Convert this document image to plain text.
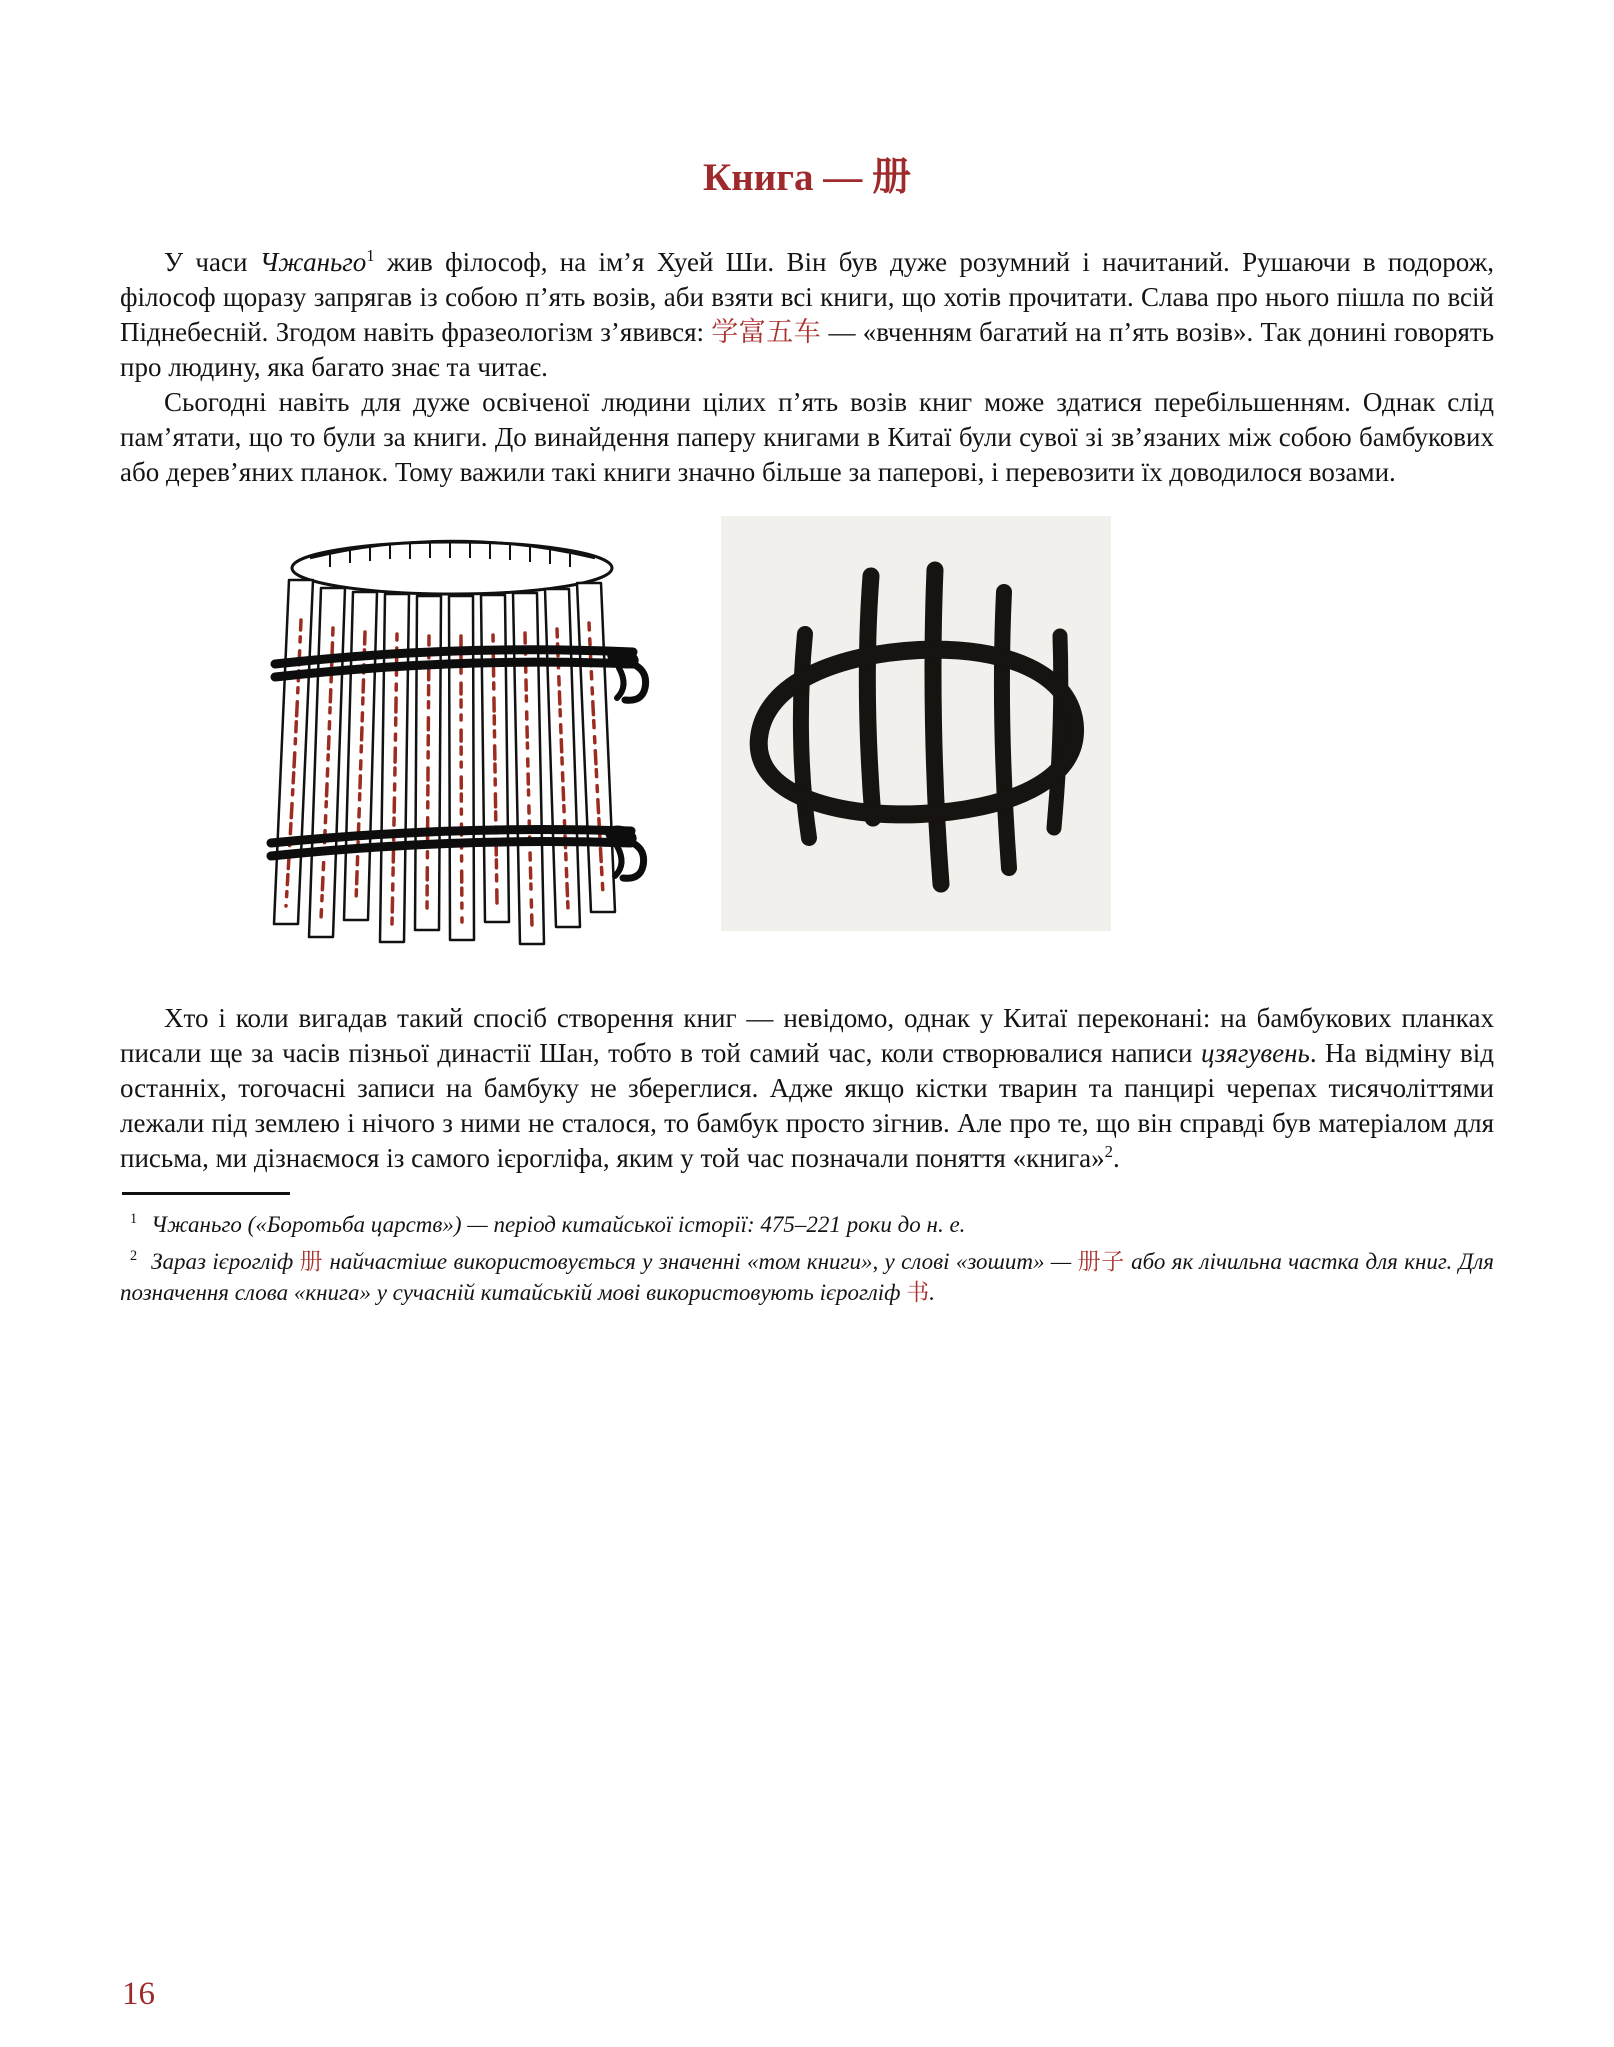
Книга — 册

У часи Чжаньго$^1$ жив філософ, на ім’я Хуей Ши. Він був дуже розумний і начитаний. Рушаючи в подорож, філософ щоразу запрягав із собою п’ять возів, аби взяти всі книги, що хотів прочитати. Слава про нього пішла по всій Піднебесній. Згодом навіть фразеологізм з’явився: 学富五车 — «вченням багатий на п’ять возів». Так донині говорять про людину, яка багато знає та читає.

Сьогодні навіть для дуже освіченої людини цілих п’ять возів книг може здатися перебільшенням. Однак слід пам’ятати, що то були за книги. До винайдення паперу книгами в Китаї були сувої зі зв’язаних між собою бамбукових або дерев’яних планок. Тому важили такі книги значно більше за паперові, і перевозити їх доводилося возами.

Хто і коли вигадав такий спосіб створення книг — невідомо, однак у Китаї переконані: на бамбукових планках писали ще за часів пізньої династії Шан, тобто в той самий час, коли створювалися написи цзягувень. На відміну від останніх, тогочасні записи на бамбуку не збереглися. Адже якщо кістки тварин та панцирі черепах тисячоліттями лежали під землею і нічого з ними не сталося, то бамбук просто зігнив. Але про те, що він справді був матеріалом для письма, ми дізнаємося із самого ієрогліфа, яким у той час позначали поняття «книга»$^2$.

$^1$ Чжаньго («Боротьба царств») — період китайської історії: 475–221 роки до н. е.

$^2$ Зараз ієрогліф 册 найчастіше використовується у значенні «том книги», у слові «зошит» — 册子 або як лічильна частка для книг. Для позначення слова «книга» у сучасній китайській мові використовують ієрогліф 书.

16
